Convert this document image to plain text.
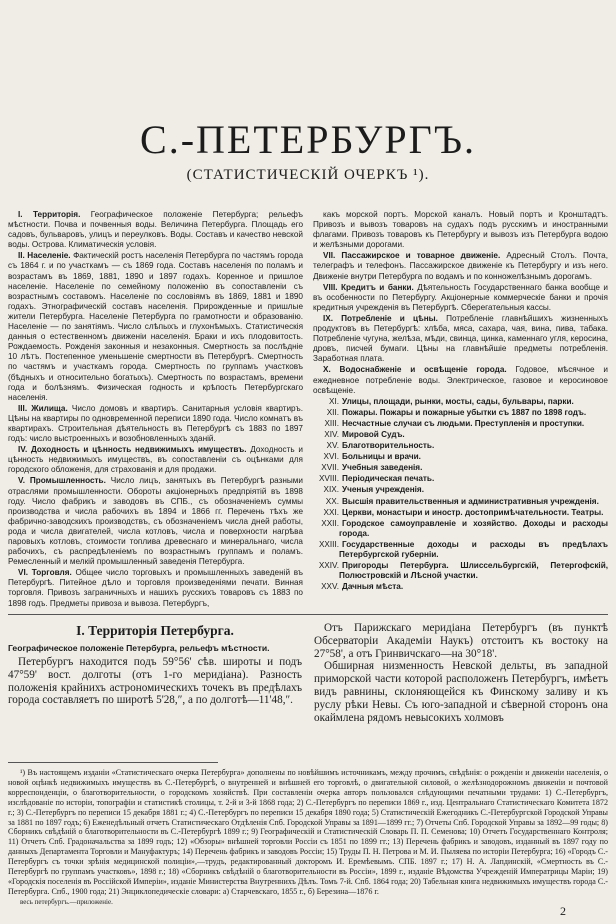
С.-ПЕТЕРБУРГЪ.
(СТАТИСТИЧЕСКІЙ ОЧЕРКЪ ¹).

I. Территорія. Географическое положеніе Петербурга; рельефъ мѣстности. Почва и почвенныя воды. Величина Петербурга. Площадь его садовъ, бульваровъ, улицъ и переулковъ. Воды. Составъ и качество невской воды. Острова. Климатическія условія.

II. Населеніе. Фактическій ростъ населенія Петербурга по частямъ города съ 1864 г. и по участкамъ — съ 1869 года. Составъ населенія по поламъ и возрастамъ въ 1869, 1881, 1890 и 1897 годахъ. Коренное и пришлое населеніе. Населеніе по семейному положенію въ сопоставленіи съ возрастнымъ составомъ. Населеніе по сословіямъ въ 1869, 1881 и 1890 годахъ. Этнографическій составъ населенія. Прирожденные и пришлые жители Петербурга. Населеніе Петербурга по грамотности и образованію. Населеніе — по занятіямъ. Число слѣпыхъ и глухонѣмыхъ. Статистическія данныя о естественномъ движеніи населенія. Браки и ихъ плодовитость. Рождаемость. Рожденія законныя и незаконныя. Смертность за послѣдніе 10 лѣтъ. Постепенное уменьшеніе смертности въ Петербургѣ. Смертность по частямъ и участкамъ города. Смертность по группамъ участковъ (бѣдныхъ и относительно богатыхъ). Смертность по возрастамъ, времени года и болѣзнямъ. Физическая годность и крѣпость Петербургскаго населенія.

III. Жилища. Число домовъ и квартиръ. Санитарныя условія квартиръ. Цѣны на квартиры по одновременной переписи 1890 года. Число комнатъ въ квартирахъ. Строительная дѣятельность въ Петербургѣ съ 1883 по 1897 годъ: число выстроенныхъ и возобновленныхъ зданій.

IV. Доходность и цѣнность недвижимыхъ имуществъ. Доходность и цѣнность недвижимыхъ имуществъ, въ сопоставленіи съ оцѣнками для городского обложенія, для страхованія и для продажи.

V. Промышленность. Число лицъ, занятыхъ въ Петербургѣ разными отраслями промышленности. Обороты акціонерныхъ предпріятій въ 1898 году. Число фабрикъ и заводовъ въ СПБ., съ обозначеніемъ суммы производства и числа рабочихъ въ 1894 и 1866 гг. Перечень тѣхъ же фабрично-заводскихъ производствъ, съ обозначеніемъ числа дней работы, рода и числа двигателей, числа котловъ, числа и поверхности нагрѣва паровыхъ котловъ, стоимости топлива древеснаго и минеральнаго, числа рабочихъ, съ распредѣленіемъ по возрастнымъ группамъ и поламъ. Ремесленный и мелкій промышленный заведенія Петербурга.

VI. Торговля. Общее число торговыхъ и промышленныхъ заведеній въ Петербургѣ. Питейное дѣло и торговля произведеніями печати. Винная торговля. Привозъ заграничныхъ и нашихъ русскихъ товаровъ съ 1883 по 1898 годъ. Предметы привоза и вывоза. Петербургъ,

какъ морской портъ. Морской каналъ. Новый портъ и Кронштадтъ. Привозъ и вывозъ товаровъ на судахъ подъ русскимъ и иностранными флагами. Привозъ товаровъ къ Петербургу и вывозъ изъ Петербурга водою и желѣзными дорогами.

VII. Пассажирское и товарное движеніе. Адресный Столъ. Почта, телеграфъ и телефонъ. Пассажирское движеніе къ Петербургу и изъ него. Движеніе внутри Петербурга по водамъ и по конножелѣзнымъ дорогамъ.

VIII. Кредитъ и банки. Дѣятельность Государственнаго банка вообще и въ особенности по Петербургу. Акціонерные коммерческіе банки и прочія кредитныя учрежденія въ Петербургѣ. Сберегательныя кассы.

IX. Потребленіе и цѣны. Потребленіе главнѣйшихъ жизненныхъ продуктовъ въ Петербургѣ: хлѣба, мяса, сахара, чая, вина, пива, табака. Потребленіе чугуна, желѣза, мѣди, свинца, цинка, каменнаго угля, керосина, дровъ, писчей бумаги. Цѣны на главнѣйшіе предметы потребленія. Заработная плата.

X. Водоснабженіе и освѣщеніе города. Годовое, мѣсячное и ежедневное потребленіе воды. Электрическое, газовое и керосиновое освѣщеніе.

XI. Улицы, площади, рынки, мосты, сады, бульвары, парки.

XII. Пожары. Пожары и пожарные убытки съ 1887 по 1898 годъ.

XIII. Несчастные случаи съ людьми. Преступленія и проступки.

XIV. Мировой Судъ.

XV. Благотворительность.

XVI. Больницы и врачи.

XVII. Учебныя заведенія.

XVIII. Періодическая печать.

XIX. Ученыя учрежденія.

XX. Высшія правительственныя и административныя учрежденія.

XXI. Церкви, монастыри и иностр. достопримѣчательности. Театры.

XXII. Городское самоуправленіе и хозяйство. Доходы и расходы города.

XXIII. Государственные доходы и расходы въ предѣлахъ Петербургской губерніи.

XXIV. Пригороды Петербурга. Шлиссельбургскій, Петергофскій, Полюстровскій и Лѣсной участки.

XXV. Дачныя мѣста.

I. Территорія Петербурга.
Географическое положеніе Петербурга, рельефъ мѣстности.

Петербургъ находится подъ 59°56' сѣв. широты и подъ 47°59' вост. долготы (отъ 1-го меридіана). Разность положенія крайнихъ астрономическихъ точекъ въ предѣлахъ города составляетъ по широтѣ 5'28,″, а по долготѣ—11'48,″.

Отъ Парижскаго меридіана Петербургъ (въ пунктѣ Обсерваторіи Академіи Наукъ) отстоитъ къ востоку на 27°58', а отъ Гринвичскаго—на 30°18'.

Обширная низменность Невской дельты, въ западной приморской части которой расположенъ Петербургъ, имѣетъ видъ равнины, склоняющейся къ Финскому заливу и къ руслу рѣки Невы. Съ юго-западной и сѣверной сторонъ она окаймлена рядомъ невысокихъ холмовъ

¹) Въ настоящемъ изданіи «Статистическаго очерка Петербурга» дополнены по новѣйшимъ источникамъ, между прочимъ, свѣдѣнія: о рожденіи и движеніи населенія, о новой оцѣнкѣ недвижимыхъ имуществъ въ С.-Петербургѣ, о внутренней и внѣшней его торговлѣ, о двигательной силовой, о желѣзнодорожномъ движеніи и почтовой корреспонденціи, о благотворительности, о городскомъ хозяйствѣ. При составленіи очерка авторъ пользовался слѣдующими печатными трудами: 1) С.-Петербургъ, изслѣдованіе по исторіи, топографіи и статистикѣ столицы, т. 2-й и 3-й 1868 года; 2) С.-Петербургъ по переписи 1869 г., изд. Центральнаго Статистическаго Комитета 1872 г.; 3) С.-Петербургъ по переписи 15 декабря 1881 г.; 4) С.-Петербургъ по переписи 15 декабря 1890 года; 5) Статистическій Ежегодникъ С.-Петербургской Городской Управы за 1881 по 1897 годъ; 6) Еженедѣльный отчетъ Статистическаго Отдѣленія Спб. Городской Управы за 1891—1899 гг.; 7) Отчеты Спб. Городской Управы за 1892—99 годы; 8) Сборникъ свѣдѣній о благотворительности въ С.-Петербургѣ 1899 г.; 9) Географическій и Статистическій Словарь П. П. Семенова; 10) Отчетъ Государственнаго Контроля; 11) Отчетъ Спб. Градоначальства за 1899 годъ; 12) «Обзоры» внѣшней торговли Россіи съ 1851 по 1899 гг.; 13) Перечень фабрикъ и заводовъ, изданный въ 1897 году по данныхъ Департамента Торговли и Мануфактуръ; 14) Перечень фабрикъ и заводовъ Россіи; 15) Труды П. Н. Петрова и М. И. Пыляева по исторіи Петербурга; 16) «Городъ С.-Петербургъ съ точки зрѣнія медицинской полиціи»,—трудъ, редактированный докторомъ И. Еремѣевымъ. СПБ. 1897 г.; 17) Н. А. Лапдинскій, «Смертность въ С.-Петербургѣ по группамъ участковъ», 1898 г.; 18) «Сборникъ свѣдѣній о благотворительности въ Россіи», 1899 г., изданіе Вѣдомства Учрежденій Императрицы Маріи; 19) «Городскія поселенія въ Россійской Имперіи», изданіе Министерства Внутреннихъ Дѣлъ. Томъ 7-й. Спб. 1864 года; 20) Табельная книга недвижимыхъ имуществъ города С.-Петербурга. Спб., 1900 года; 21) Энциклопедическіе словари: а) Старчевскаго, 1855 г., б) Березина—1876 г.

весь петербургъ.—приложеніе.

2
